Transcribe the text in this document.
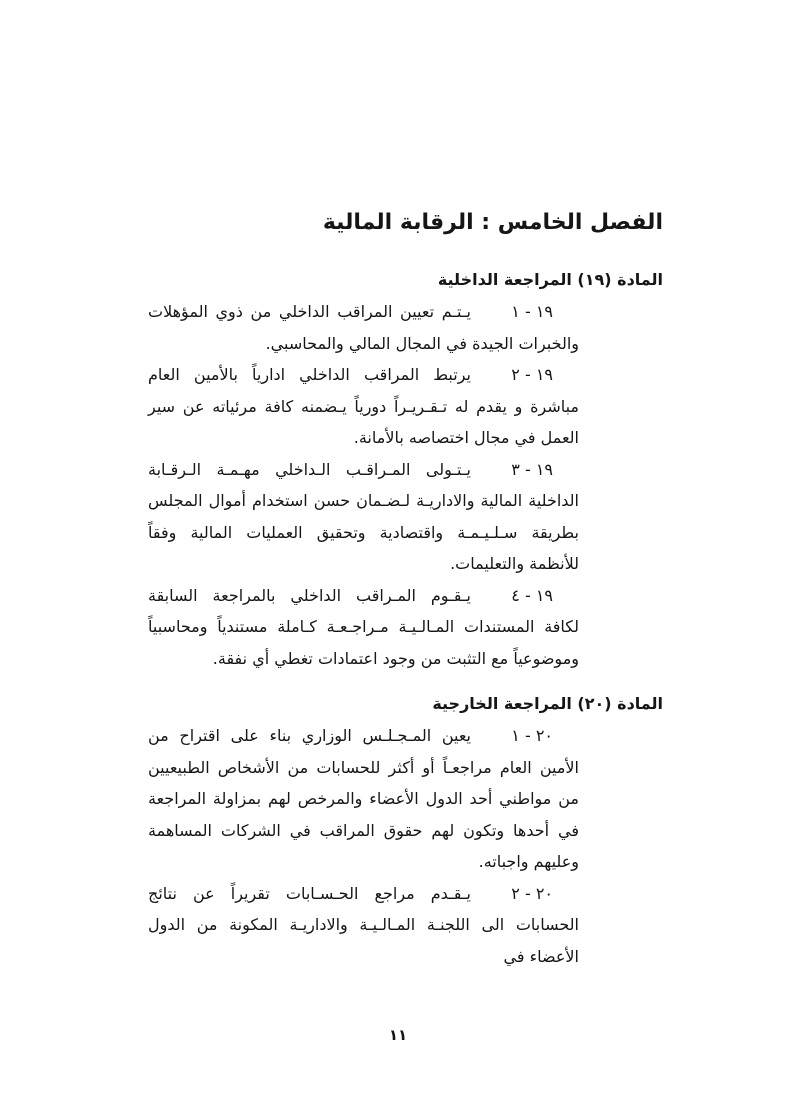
الفصل الخامس : الرقابة المالية
المادة (١٩) المراجعة الداخلية
١٩ - ١
يـتـم تعيين المراقب الداخلي من ذوي المؤهلات والخبرات الجيدة في المجال المالي والمحاسبي.
١٩ - ٢
يرتبط المراقب الداخلي ادارياً بالأمين العام مباشرة و يقدم له تـقـريـراً دورياً يـضمنه كافة مرئياته عن سير العمل في مجال اختصاصه بالأمانة.
١٩ - ٣
يـتـولى المـراقـب الـداخلي مهـمـة الـرقـابة الداخلية المالية والاداريـة لـضـمان حسن استخدام أموال المجلس بطريقة سـلـيـمـة واقتصادية وتحقيق العمليات المالية وفقاً للأنظمة والتعليمات.
١٩ - ٤
يـقـوم المـراقب الداخلي بالمراجعة السابقة لكافة المستندات المـالـيـة مـراجـعـة كـاملة مستندياً ومحاسبياً وموضوعياً مع التثبت من وجود اعتمادات تغطي أي نفقة.
المادة (٢٠) المراجعة الخارجية
٢٠ - ١
يعين المـجـلـس الوزاري بناء على اقتراح من الأمين العام مراجعـاً أو أكثر للحسابات من الأشخاص الطبيعيين من مواطني أحد الدول الأعضاء والمرخص لهم بمزاولة المراجعة في أحدها وتكون لهم حقوق المراقب في الشركات المساهمة وعليهم واجباته.
٢٠ - ٢
يـقـدم مراجع الحـسـابات تقريراً عن نتائج الحسابات الى اللجنـة المـالـيـة والاداريـة المكونة من الدول الأعضاء في
١١
